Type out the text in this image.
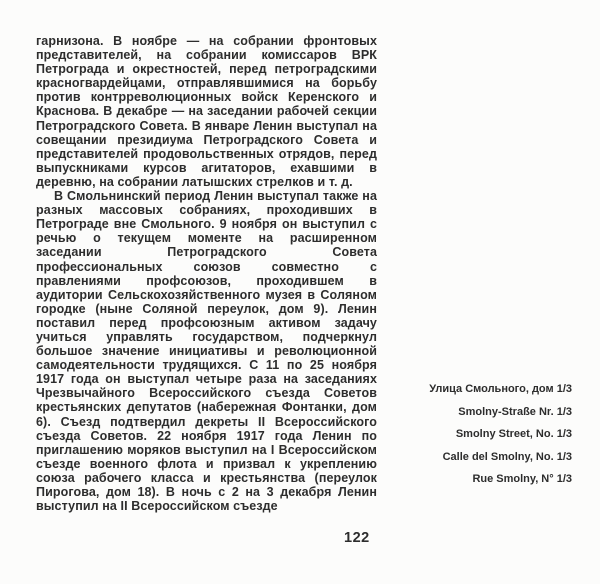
гарнизона. В ноябре — на собрании фронтовых представителей, на собрании комиссаров ВРК Петрограда и окрестностей, перед петроградскими красногвардейцами, отправлявшимися на борьбу против контрреволюционных войск Керенского и Краснова. В декабре — на заседании рабочей секции Петроградского Совета. В январе Ленин выступал на совещании президиума Петроградского Совета и представителей продовольственных отрядов, перед выпускниками курсов агитаторов, ехавшими в деревню, на собрании латышских стрелков и т. д.

В Смольнинский период Ленин выступал также на разных массовых собраниях, проходивших в Петрограде вне Смольного. 9 ноября он выступил с речью о текущем моменте на расширенном заседании Петроградского Совета профессиональных союзов совместно с правлениями профсоюзов, проходившем в аудитории Сельскохозяйственного музея в Соляном городке (ныне Соляной переулок, дом 9). Ленин поставил перед профсоюзным активом задачу учиться управлять государством, подчеркнул большое значение инициативы и революционной самодеятельности трудящихся. С 11 по 25 ноября 1917 года он выступал четыре раза на заседаниях Чрезвычайного Всероссийского съезда Советов крестьянских депутатов (набережная Фонтанки, дом 6). Съезд подтвердил декреты II Всероссийского съезда Советов. 22 ноября 1917 года Ленин по приглашению моряков выступил на I Всероссийском съезде военного флота и призвал к укреплению союза рабочего класса и крестьянства (переулок Пирогова, дом 18). В ночь с 2 на 3 декабря Ленин выступил на II Всероссийском съезде

Улица Смольного, дом 1/3
Smolny-Straße Nr. 1/3
Smolny Street, No. 1/3
Calle del Smolny, No. 1/3
Rue Smolny, N° 1/3
122
